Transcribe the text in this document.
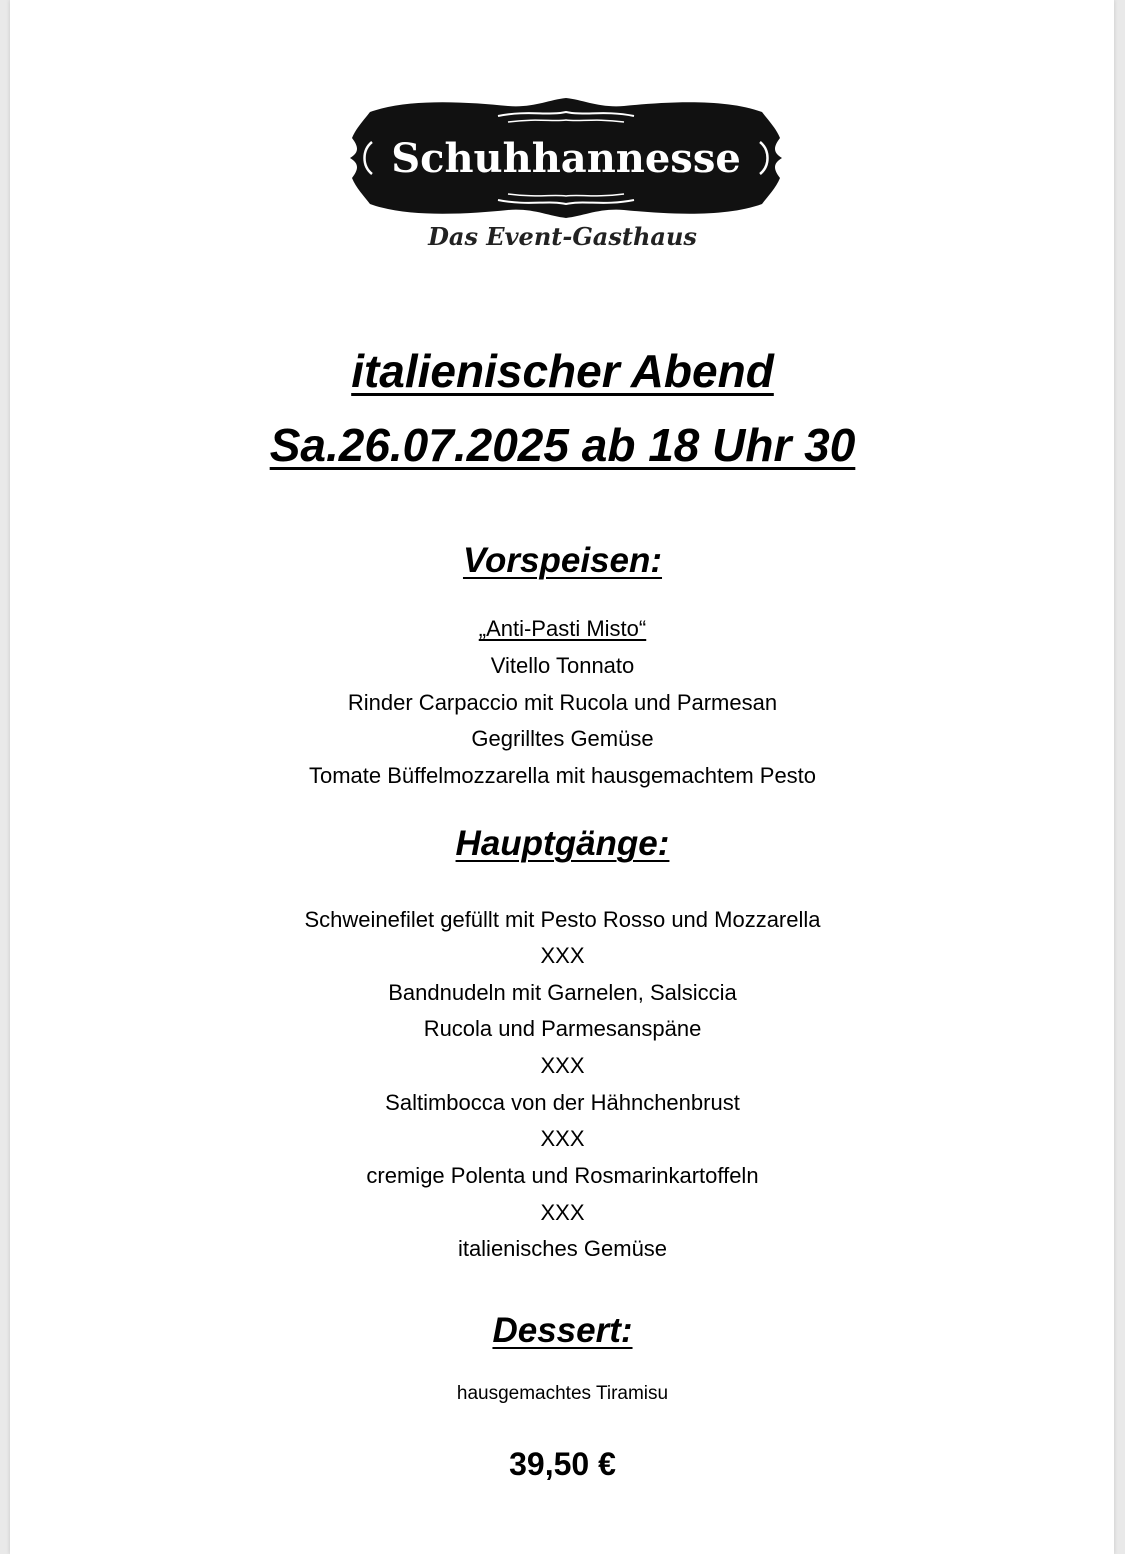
Schuhhannesse
Das Event-Gasthaus
italienischer Abend
Sa.26.07.2025 ab 18 Uhr 30
Vorspeisen:
„Anti-Pasti Misto“
Vitello Tonnato
Rinder Carpaccio mit Rucola und Parmesan
Gegrilltes Gemüse
Tomate Büffelmozzarella mit hausgemachtem Pesto
Hauptgänge:
Schweinefilet gefüllt mit Pesto Rosso und Mozzarella
XXX
Bandnudeln mit Garnelen, Salsiccia
Rucola und Parmesanspäne
XXX
Saltimbocca von der Hähnchenbrust
XXX
cremige Polenta und Rosmarinkartoffeln
XXX
italienisches Gemüse
Dessert:
hausgemachtes Tiramisu
39,50 €
